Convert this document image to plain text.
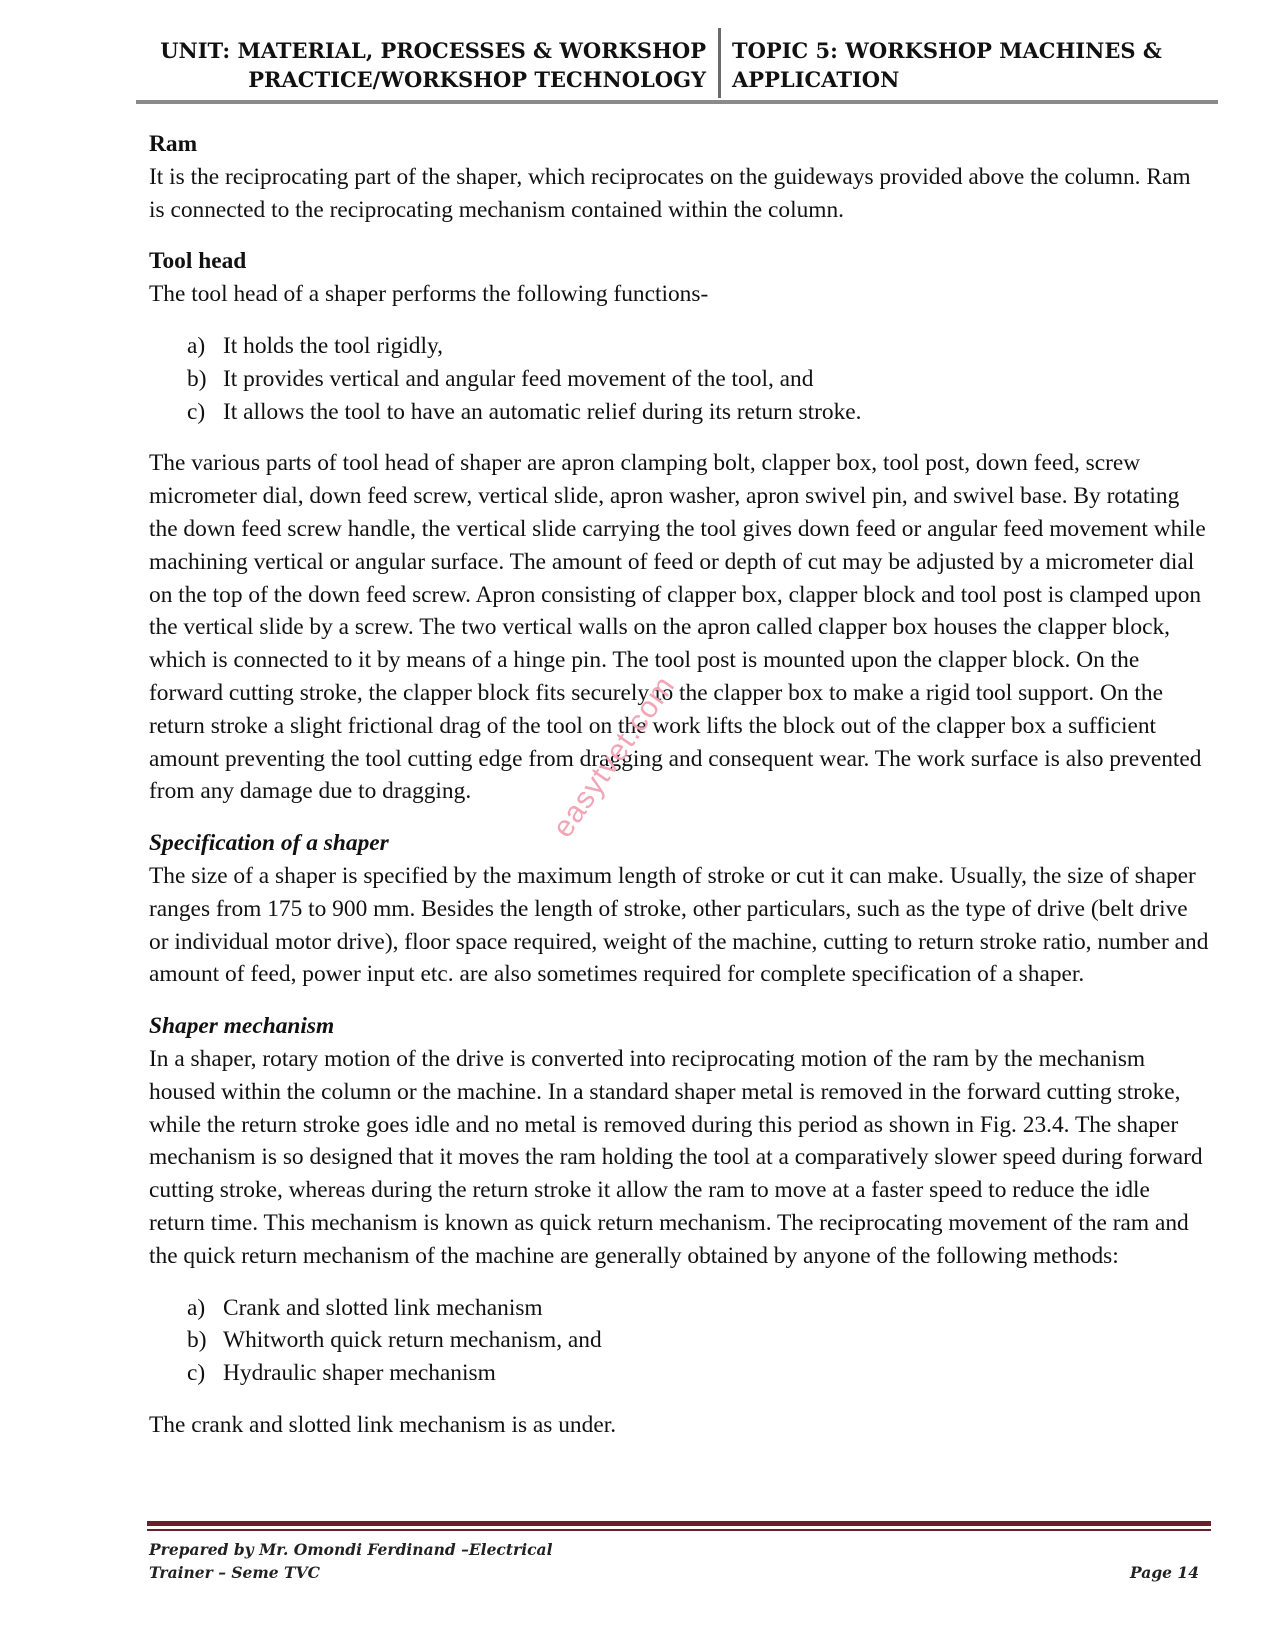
UNIT: MATERIAL, PROCESSES & WORKSHOP
PRACTICE/WORKSHOP TECHNOLOGY
TOPIC 5: WORKSHOP MACHINES &
APPLICATION

Ram

It is the reciprocating part of the shaper, which reciprocates on the guideways provided above the column. Ram is connected to the reciprocating mechanism contained within the column.

Tool head

The tool head of a shaper performs the following functions-

a) It holds the tool rigidly,
b) It provides vertical and angular feed movement of the tool, and
c) It allows the tool to have an automatic relief during its return stroke.

The various parts of tool head of shaper are apron clamping bolt, clapper box, tool post, down feed, screw micrometer dial, down feed screw, vertical slide, apron washer, apron swivel pin, and swivel base. By rotating the down feed screw handle, the vertical slide carrying the tool gives down feed or angular feed movement while machining vertical or angular surface. The amount of feed or depth of cut may be adjusted by a micrometer dial on the top of the down feed screw. Apron consisting of clapper box, clapper block and tool post is clamped upon the vertical slide by a screw. The two vertical walls on the apron called clapper box houses the clapper block, which is connected to it by means of a hinge pin. The tool post is mounted upon the clapper block. On the forward cutting stroke, the clapper block fits securely to the clapper box to make a rigid tool support. On the return stroke a slight frictional drag of the tool on the work lifts the block out of the clapper box a sufficient amount preventing the tool cutting edge from dragging and consequent wear. The work surface is also prevented from any damage due to dragging.

Specification of a shaper

The size of a shaper is specified by the maximum length of stroke or cut it can make. Usually, the size of shaper ranges from 175 to 900 mm. Besides the length of stroke, other particulars, such as the type of drive (belt drive or individual motor drive), floor space required, weight of the machine, cutting to return stroke ratio, number and amount of feed, power input etc. are also sometimes required for complete specification of a shaper.

Shaper mechanism

In a shaper, rotary motion of the drive is converted into reciprocating motion of the ram by the mechanism housed within the column or the machine. In a standard shaper metal is removed in the forward cutting stroke, while the return stroke goes idle and no metal is removed during this period as shown in Fig. 23.4. The shaper mechanism is so designed that it moves the ram holding the tool at a comparatively slower speed during forward cutting stroke, whereas during the return stroke it allow the ram to move at a faster speed to reduce the idle return time. This mechanism is known as quick return mechanism. The reciprocating movement of the ram and the quick return mechanism of the machine are generally obtained by anyone of the following methods:

a) Crank and slotted link mechanism
b) Whitworth quick return mechanism, and
c) Hydraulic shaper mechanism

The crank and slotted link mechanism is as under.

easytvet.com
Prepared by Mr. Omondi Ferdinand –Electrical
Trainer – Seme TVC	Page 14
